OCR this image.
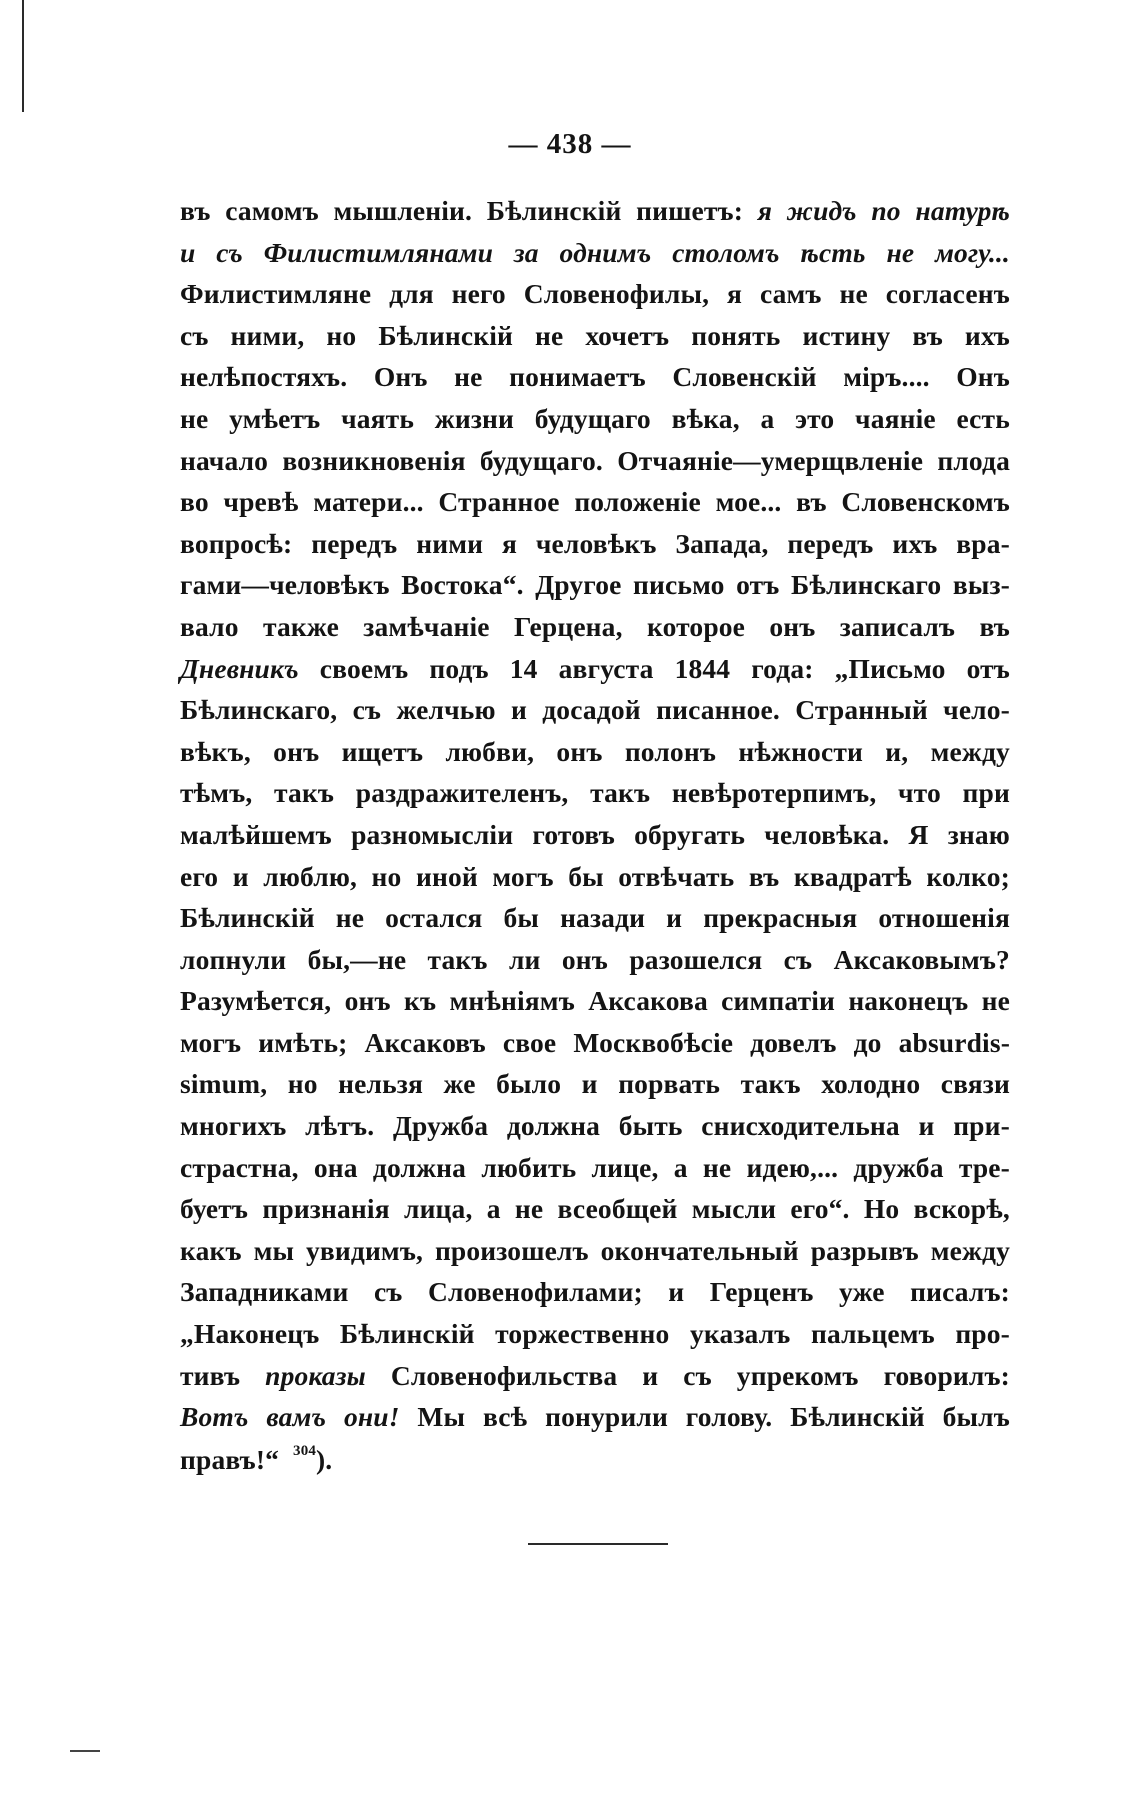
— 438 —
въ самомъ мышленіи. Бѣлинскій пишетъ: я жидъ по натурѣ
и съ Филистимлянами за однимъ столомъ ѣсть не могу...
Филистимляне для него Словенофилы, я самъ не согласенъ
съ ними, но Бѣлинскій не хочетъ понять истину въ ихъ
нелѣпостяхъ. Онъ не понимаетъ Словенскій міръ.... Онъ
не умѣетъ чаять жизни будущаго вѣка, а это чаяніе есть
начало возникновенія будущаго. Отчаяніе—умерщвленіе плода
во чревѣ матери... Странное положеніе мое... въ Словенскомъ
вопросѣ: передъ ними я человѣкъ Запада, передъ ихъ вра-
гами—человѣкъ Востока“. Другое письмо отъ Бѣлинскаго выз-
вало также замѣчаніе Герцена, которое онъ записалъ въ
Дневникъ своемъ подъ 14 августа 1844 года: „Письмо отъ
Бѣлинскаго, съ желчью и досадой писанное. Странный чело-
вѣкъ, онъ ищетъ любви, онъ полонъ нѣжности и, между
тѣмъ, такъ раздражителенъ, такъ невѣротерпимъ, что при
малѣйшемъ разномысліи готовъ обругать человѣка. Я знаю
его и люблю, но иной могъ бы отвѣчать въ квадратѣ колко;
Бѣлинскій не остался бы назади и прекрасныя отношенія
лопнули бы,—не такъ ли онъ разошелся съ Аксаковымъ?
Разумѣется, онъ къ мнѣніямъ Аксакова симпатіи наконецъ не
могъ имѣть; Аксаковъ свое Москвобѣсіе довелъ до absurdis-
simum, но нельзя же было и порвать такъ холодно связи
многихъ лѣтъ. Дружба должна быть снисходительна и при-
страстна, она должна любить лице, а не идею,... дружба тре-
буетъ признанія лица, а не всеобщей мысли его“. Но вскорѣ,
какъ мы увидимъ, произошелъ окончательный разрывъ между
Западниками съ Словенофилами; и Герценъ уже писалъ:
„Наконецъ Бѣлинскій торжественно указалъ пальцемъ про-
тивъ проказы Словенофильства и съ упрекомъ говорилъ:
Вотъ вамъ они! Мы всѣ понурили голову. Бѣлинскій былъ
правъ!“ $^{304}$).
